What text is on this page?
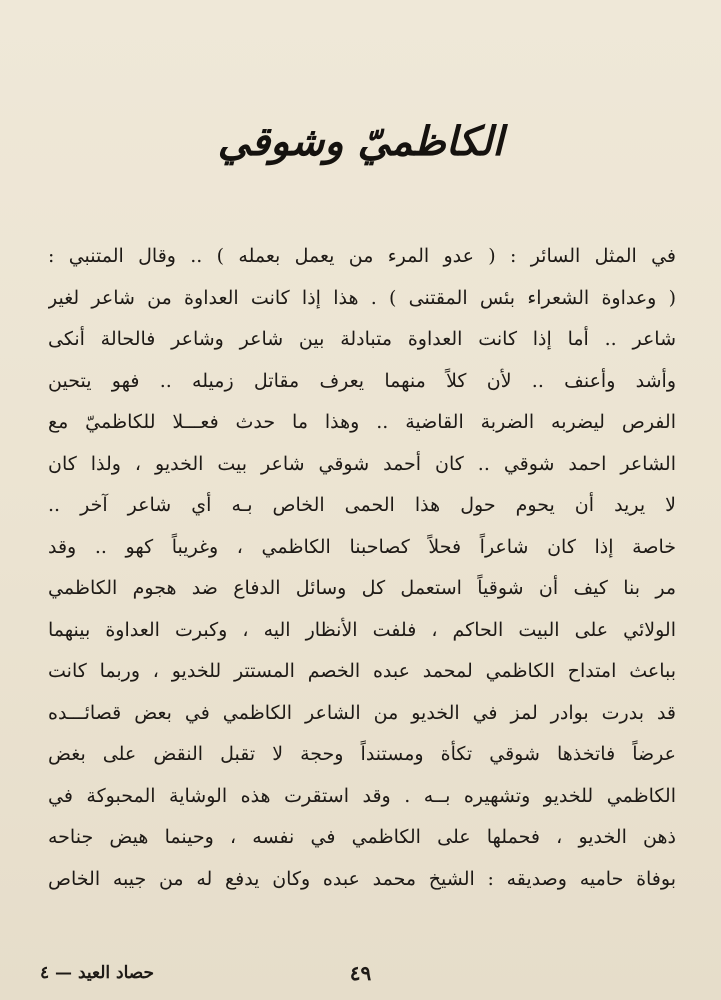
الكاظميّ وشوقي
في المثل السائر : ( عدو المرء من يعمل بعمله ) .. وقال المتنبي :
( وعداوة الشعراء بئس المقتنى ) . هذا إذا كانت العداوة من شاعر لغير
شاعر .. أما إذا كانت العداوة متبادلة بين شاعر وشاعر فالحالة أنكى
وأشد وأعنف .. لأن كلاً منهما يعرف مقاتل زميله .. فهو يتحين
الفرص ليضربه الضربة القاضية .. وهذا ما حدث فعـــلا للكاظميّ مع
الشاعر احمد شوقي .. كان أحمد شوقي شاعر بيت الخديو ، ولذا كان
لا يريد أن يحوم حول هذا الحمى الخاص بـه أي شاعر آخر ..
خاصة إذا كان شاعراً فحلاً كصاحبنا الكاظمي ، وغريباً كهو .. وقد
مر بنا كيف أن شوقياً استعمل كل وسائل الدفاع ضد هجوم الكاظمي
الولائي على البيت الحاكم ، فلفت الأنظار اليه ، وكبرت العداوة بينهما
بباعث امتداح الكاظمي لمحمد عبده الخصم المستتر للخديو ، وربما كانت
قد بدرت بوادر لمز في الخديو من الشاعر الكاظمي في بعض قصائـــده
عرضاً فاتخذها شوقي تكأة ومستنداً وحجة لا تقبل النقض على بغض
الكاظمي للخديو وتشهيره بــه . وقد استقرت هذه الوشاية المحبوكة في
ذهن الخديو ، فحملها على الكاظمي في نفسه ، وحينما هيض جناحه
بوفاة حاميه وصديقه : الشيخ محمد عبده وكان يدفع له من جيبه الخاص
٤٩
حصاد العيد — ٤
